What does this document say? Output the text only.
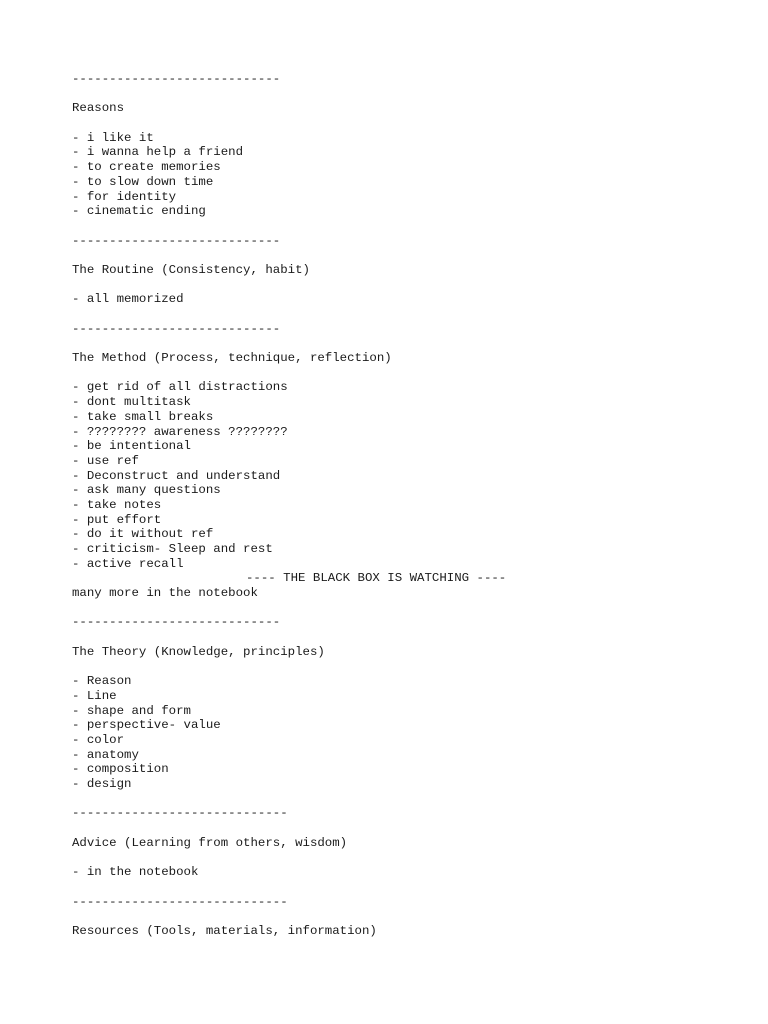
----------------------------
Reasons
- i like it
- i wanna help a friend
- to create memories
- to slow down time
- for identity
- cinematic ending
----------------------------
The Routine (Consistency, habit)
- all memorized
----------------------------
The Method (Process, technique, reflection)
- get rid of all distractions
- dont multitask
- take small breaks
- ???????? awareness ????????
- be intentional
- use ref
- Deconstruct and understand
- ask many questions
- take notes
- put effort
- do it without ref
- criticism- Sleep and rest
- active recall
---- THE BLACK BOX IS WATCHING ----
many more in the notebook
----------------------------
The Theory (Knowledge, principles)
- Reason
- Line
- shape and form
- perspective- value
- color
- anatomy
- composition
- design
-----------------------------
Advice (Learning from others, wisdom)
- in the notebook
-----------------------------
Resources (Tools, materials, information)
